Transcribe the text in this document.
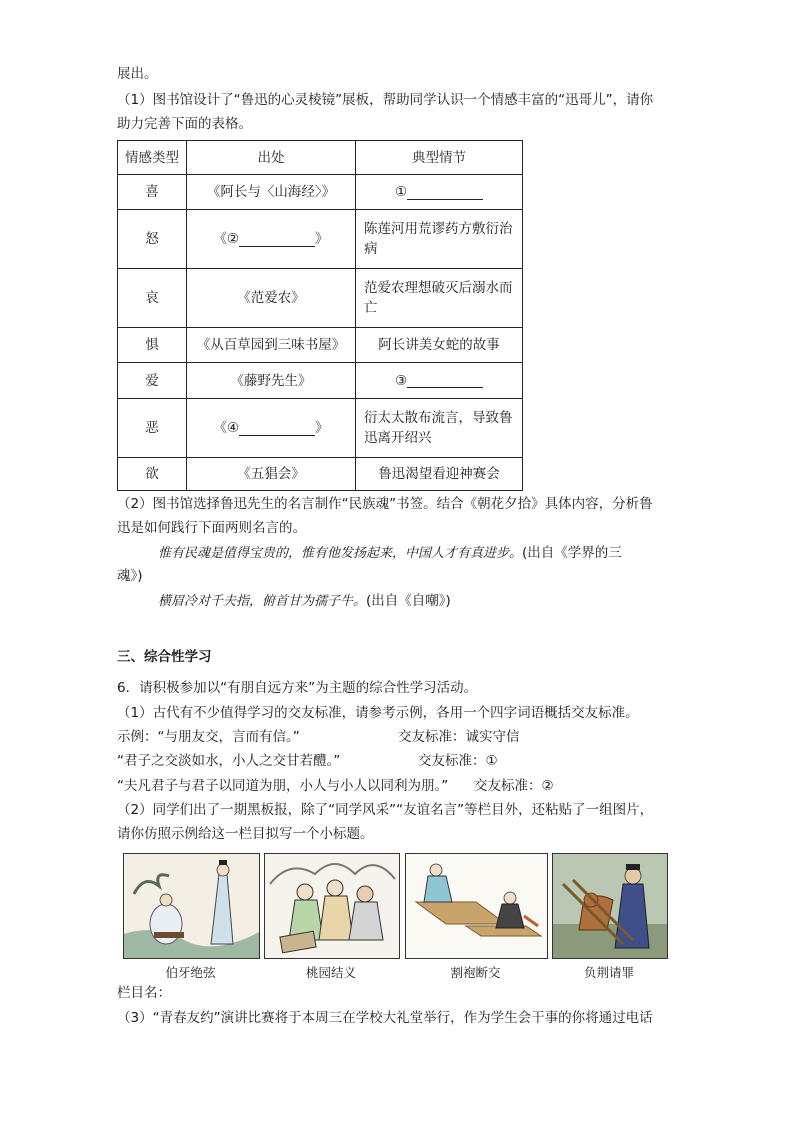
展出。
（1）图书馆设计了“鲁迅的心灵棱镜”展板，帮助同学认识一个情感丰富的“迅哥儿”，请你
助力完善下面的表格。
情感类型	出处	典型情节
喜	《阿长与〈山海经〉》	①
怒	《② 》	陈莲河用荒谬药方敷衍治病
哀	《范爱农》	范爱农理想破灭后溺水而亡
惧	《从百草园到三味书屋》	阿长讲美女蛇的故事
爱	《藤野先生》	③
恶	《④ 》	衍太太散布流言，导致鲁迅离开绍兴
欲	《五猖会》	鲁迅渴望看迎神赛会
（2）图书馆选择鲁迅先生的名言制作“民族魂”书签。结合《朝花夕拾》具体内容，分析鲁
迅是如何践行下面两则名言的。
惟有民魂是值得宝贵的，惟有他发扬起来，中国人才有真进步。(出自《学界的三
魂》)
横眉冷对千夫指，俯首甘为孺子牛。(出自《自嘲》)
三、综合性学习
6．请积极参加以“有朋自远方来”为主题的综合性学习活动。
（1）古代有不少值得学习的交友标准，请参考示例，各用一个四字词语概括交友标准。
示例：“与朋友交，言而有信。”	交友标准：诚实守信
“君子之交淡如水，小人之交甘若醴。”	交友标准：①
“夫凡君子与君子以同道为朋，小人与小人以同利为朋。” 交友标准：②
（2）同学们出了一期黑板报，除了“同学风采”“友谊名言”等栏目外，还粘贴了一组图片，
请你仿照示例给这一栏目拟写一个小标题。
伯牙绝弦	桃园结义	割袍断交	负荆请罪
栏目名：
（3）“青春友约”演讲比赛将于本周三在学校大礼堂举行，作为学生会干事的你将通过电话
